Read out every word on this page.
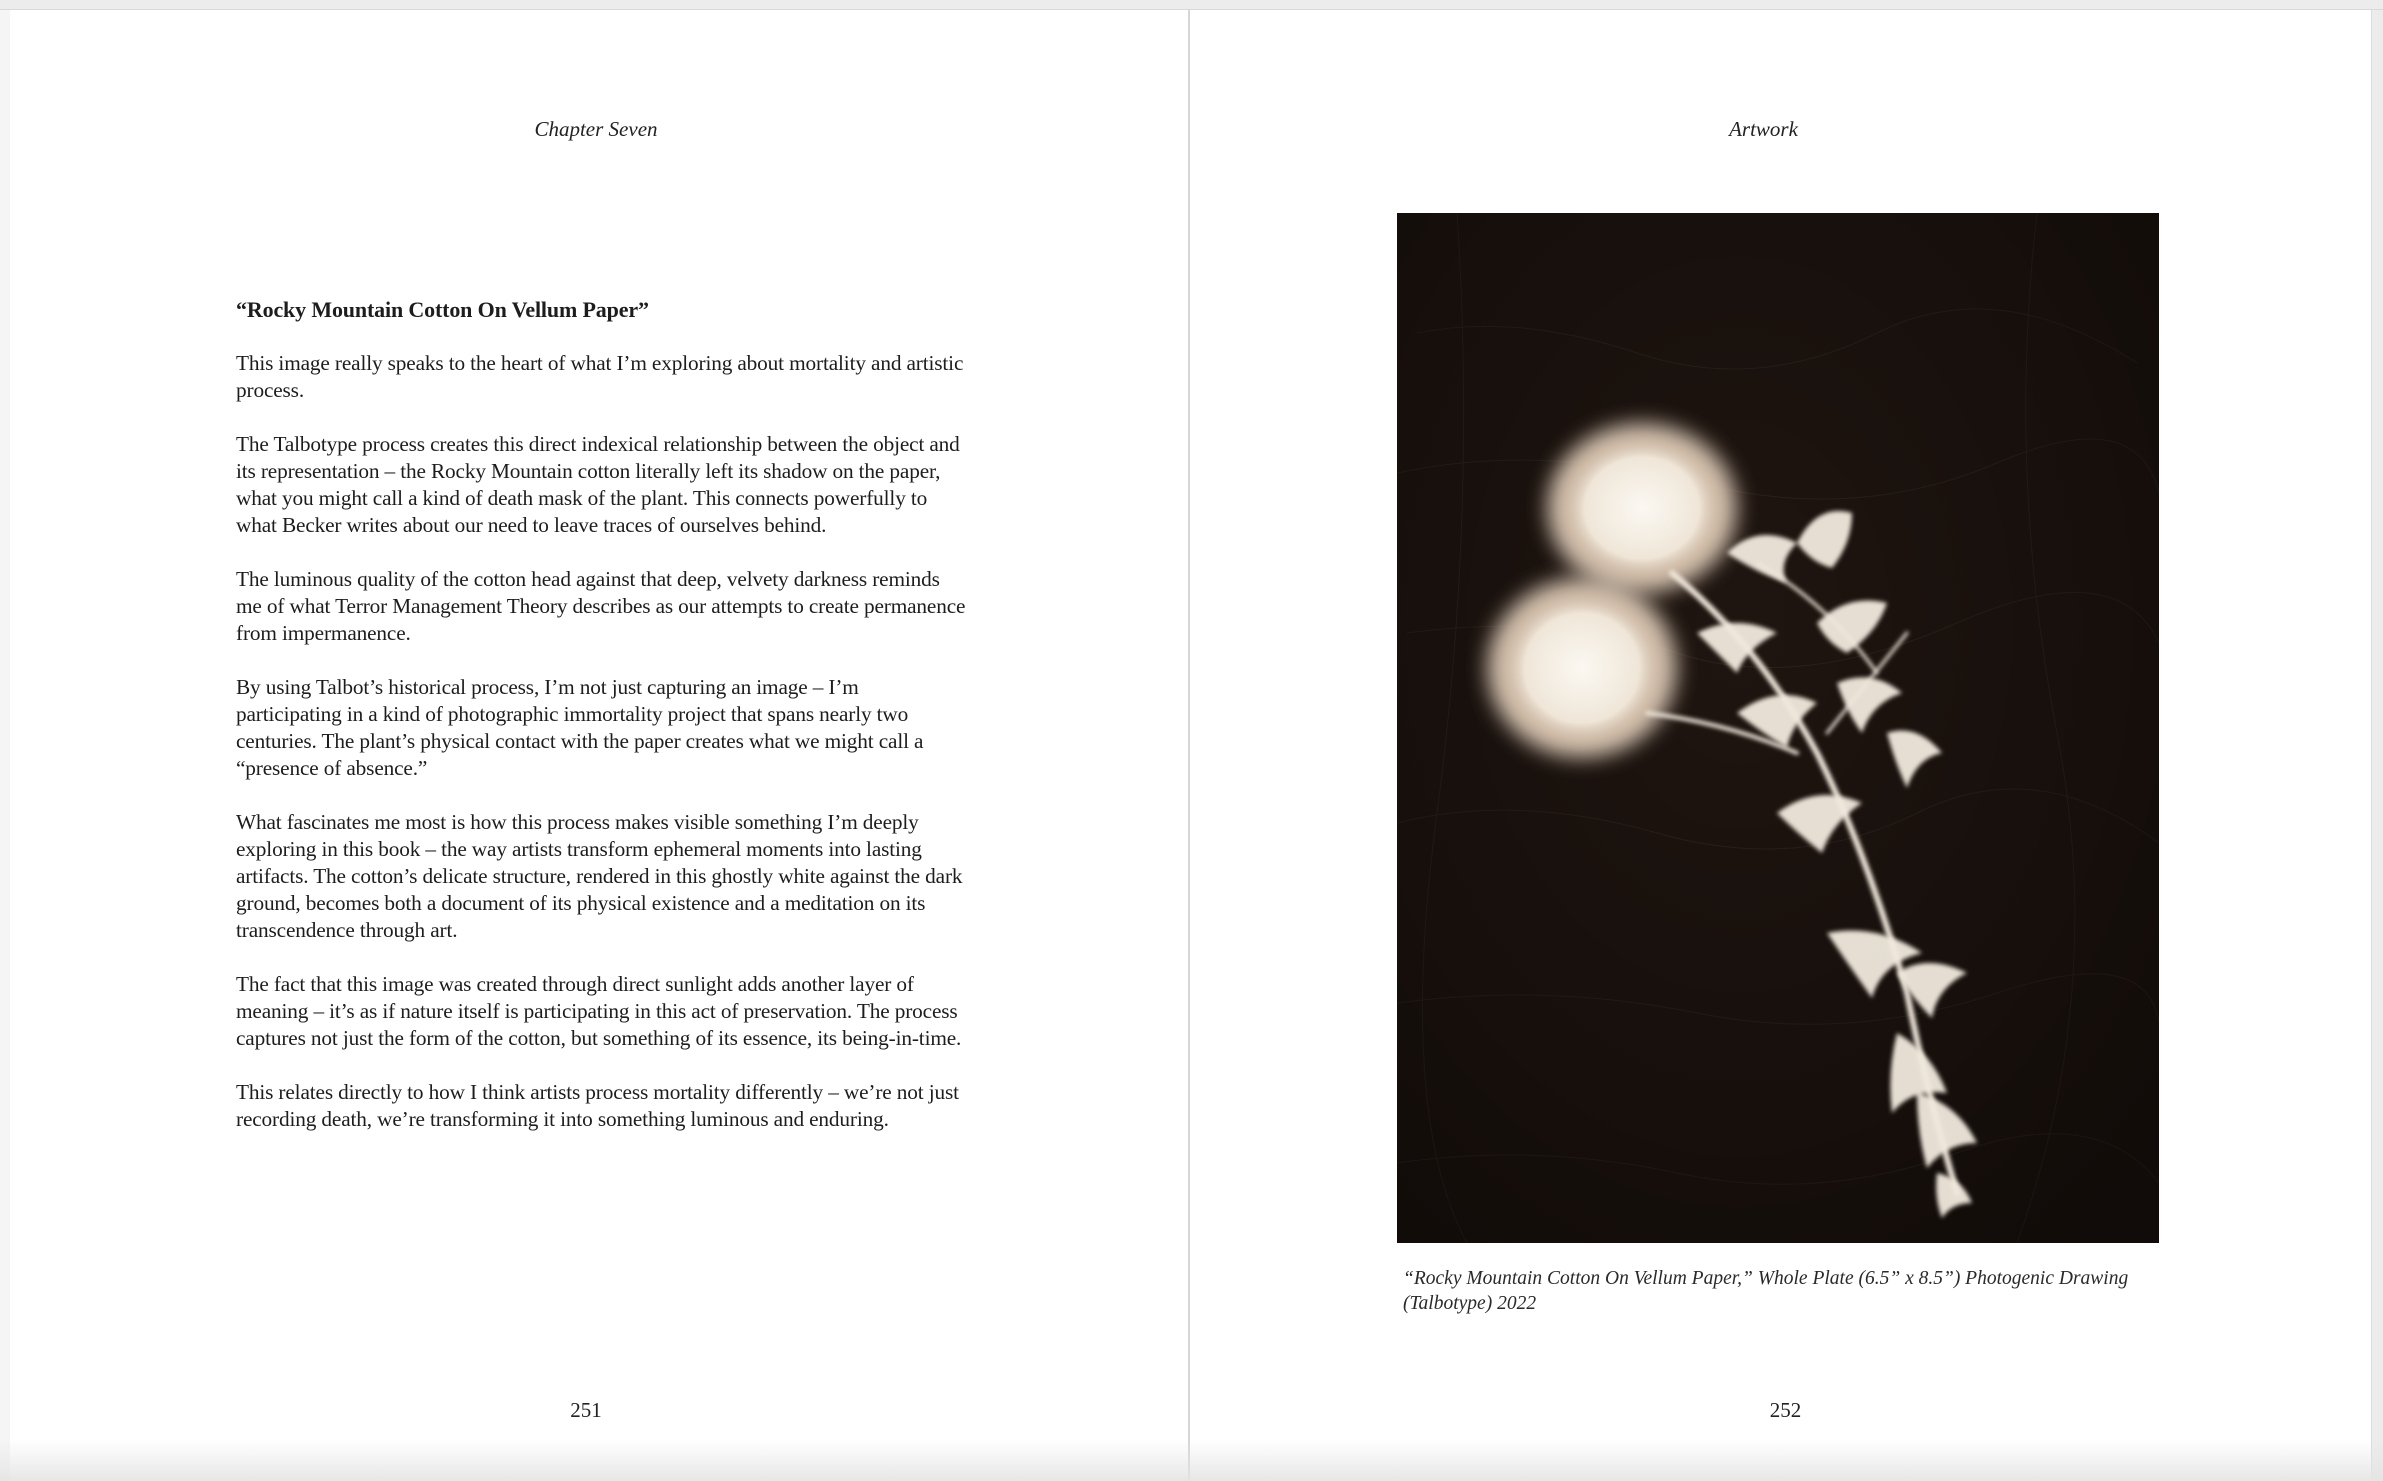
Chapter Seven
“Rocky Mountain Cotton On Vellum Paper”

This image really speaks to the heart of what I’m exploring about mortality and artistic process.

The Talbotype process creates this direct indexical relationship between the object and its representation – the Rocky Mountain cotton literally left its shadow on the paper, what you might call a kind of death mask of the plant. This connects powerfully to what Becker writes about our need to leave traces of ourselves behind.

The luminous quality of the cotton head against that deep, velvety darkness reminds me of what Terror Management Theory describes as our attempts to create permanence from impermanence.

By using Talbot’s historical process, I’m not just capturing an image – I’m participating in a kind of photographic immortality project that spans nearly two centuries. The plant’s physical contact with the paper creates what we might call a “presence of absence.”

What fascinates me most is how this process makes visible something I’m deeply exploring in this book – the way artists transform ephemeral moments into lasting artifacts. The cotton’s delicate structure, rendered in this ghostly white against the dark ground, becomes both a document of its physical existence and a meditation on its transcendence through art.

The fact that this image was created through direct sunlight adds another layer of meaning – it’s as if nature itself is participating in this act of preservation. The process captures not just the form of the cotton, but something of its essence, its being-in-time.

This relates directly to how I think artists process mortality differently – we’re not just recording death, we’re transforming it into something luminous and enduring.

251
Artwork
“Rocky Mountain Cotton On Vellum Paper,” Whole Plate (6.5” x 8.5”) Photogenic Drawing (Talbotype) 2022
252
